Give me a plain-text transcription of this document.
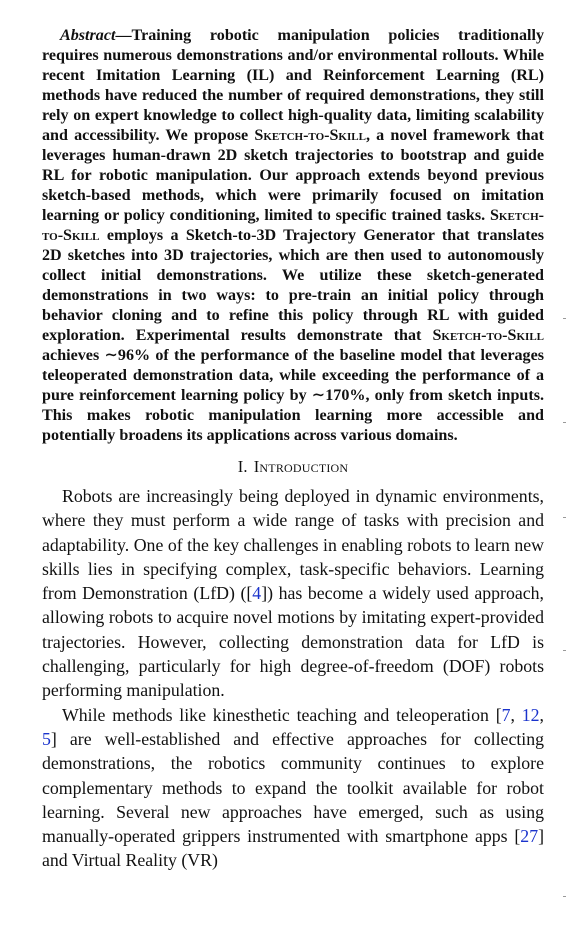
Abstract—Training robotic manipulation policies traditionally requires numerous demonstrations and/or environmental rollouts. While recent Imitation Learning (IL) and Reinforcement Learning (RL) methods have reduced the number of required demonstrations, they still rely on expert knowledge to collect high-quality data, limiting scalability and accessibility. We propose Sketch-to-Skill, a novel framework that leverages human-drawn 2D sketch trajectories to bootstrap and guide RL for robotic manipulation. Our approach extends beyond previous sketch-based methods, which were primarily focused on imitation learning or policy conditioning, limited to specific trained tasks. Sketch-to-Skill employs a Sketch-to-3D Trajectory Generator that translates 2D sketches into 3D trajectories, which are then used to autonomously collect initial demonstrations. We utilize these sketch-generated demonstrations in two ways: to pre-train an initial policy through behavior cloning and to refine this policy through RL with guided exploration. Experimental results demonstrate that Sketch-to-Skill achieves ∼96% of the performance of the baseline model that leverages teleoperated demonstration data, while exceeding the performance of a pure reinforcement learning policy by ∼170%, only from sketch inputs. This makes robotic manipulation learning more accessible and potentially broadens its applications across various domains.
I. Introduction

Robots are increasingly being deployed in dynamic environments, where they must perform a wide range of tasks with precision and adaptability. One of the key challenges in enabling robots to learn new skills lies in specifying complex, task-specific behaviors. Learning from Demonstration (LfD) ([4]) has become a widely used approach, allowing robots to acquire novel motions by imitating expert-provided trajectories. However, collecting demonstration data for LfD is challenging, particularly for high degree-of-freedom (DOF) robots performing manipulation.

While methods like kinesthetic teaching and teleoperation [7, 12, 5] are well-established and effective approaches for collecting demonstrations, the robotics community continues to explore complementary methods to expand the toolkit available for robot learning. Several new approaches have emerged, such as using manually-operated grippers instrumented with smartphone apps [27] and Virtual Reality (VR)
